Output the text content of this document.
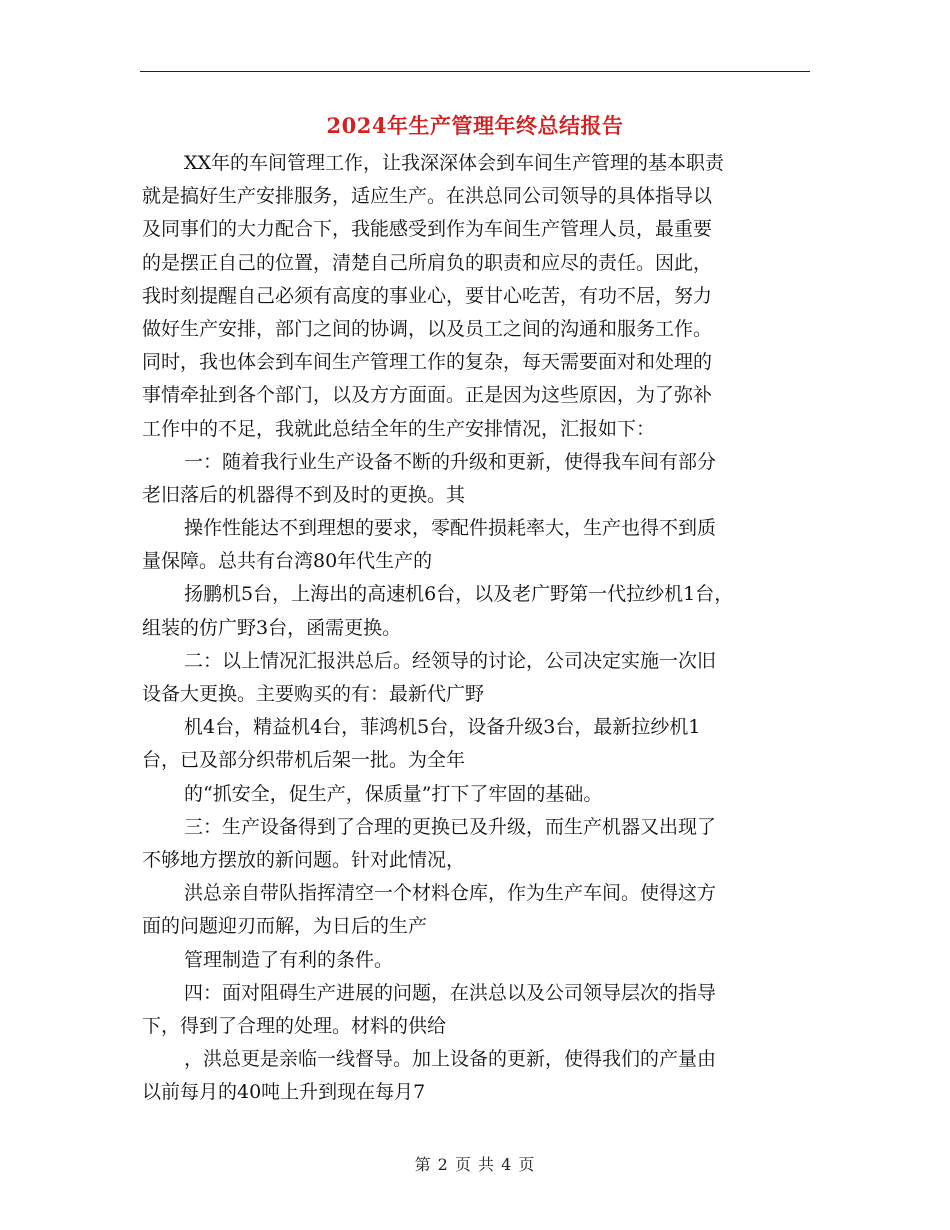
2024年生产管理年终总结报告
XX年的车间管理工作，让我深深体会到车间生产管理的基本职责
就是搞好生产安排服务，适应生产。在洪总同公司领导的具体指导以
及同事们的大力配合下，我能感受到作为车间生产管理人员，最重要
的是摆正自己的位置，清楚自己所肩负的职责和应尽的责任。因此，
我时刻提醒自己必须有高度的事业心，要甘心吃苦，有功不居，努力
做好生产安排，部门之间的协调，以及员工之间的沟通和服务工作。
同时，我也体会到车间生产管理工作的复杂，每天需要面对和处理的
事情牵扯到各个部门，以及方方面面。正是因为这些原因，为了弥补
工作中的不足，我就此总结全年的生产安排情况，汇报如下：
一：随着我行业生产设备不断的升级和更新，使得我车间有部分
老旧落后的机器得不到及时的更换。其
操作性能达不到理想的要求，零配件损耗率大，生产也得不到质
量保障。总共有台湾80年代生产的
扬鹏机5台，上海出的高速机6台，以及老广野第一代拉纱机1台，
组装的仿广野3台，函需更换。
二：以上情况汇报洪总后。经领导的讨论，公司决定实施一次旧
设备大更换。主要购买的有：最新代广野
机4台，精益机4台，菲鸿机5台，设备升级3台，最新拉纱机1
台，已及部分织带机后架一批。为全年
的“抓安全，促生产，保质量”打下了牢固的基础。
三：生产设备得到了合理的更换已及升级，而生产机器又出现了
不够地方摆放的新问题。针对此情况，
洪总亲自带队指挥清空一个材料仓库，作为生产车间。使得这方
面的问题迎刃而解，为日后的生产
管理制造了有利的条件。
四：面对阻碍生产进展的问题，在洪总以及公司领导层次的指导
下，得到了合理的处理。材料的供给
，洪总更是亲临一线督导。加上设备的更新，使得我们的产量由
以前每月的40吨上升到现在每月7
第 2 页 共 4 页
